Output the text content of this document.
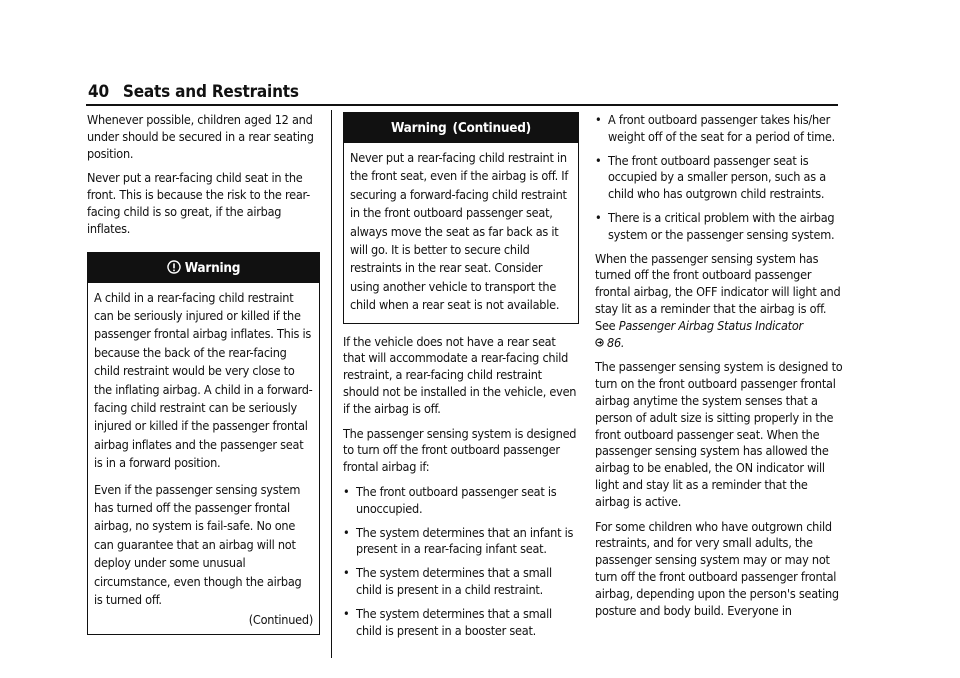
40 Seats and Restraints

Whenever possible, children aged 12 and under should be secured in a rear seating position.

Never put a rear-facing child seat in the front. This is because the risk to the rear-facing child is so great, if the airbag inflates.

Warning

A child in a rear-facing child restraint can be seriously injured or killed if the passenger frontal airbag inflates. This is because the back of the rear-facing child restraint would be very close to the inflating airbag. A child in a forward-facing child restraint can be seriously injured or killed if the passenger frontal airbag inflates and the passenger seat is in a forward position.

Even if the passenger sensing system has turned off the passenger frontal airbag, no system is fail-safe. No one can guarantee that an airbag will not deploy under some unusual circumstance, even though the airbag is turned off.

(Continued)
Warning (Continued)

Never put a rear-facing child restraint in the front seat, even if the airbag is off. If securing a forward-facing child restraint in the front outboard passenger seat, always move the seat as far back as it will go. It is better to secure child restraints in the rear seat. Consider using another vehicle to transport the child when a rear seat is not available.

If the vehicle does not have a rear seat that will accommodate a rear-facing child restraint, a rear-facing child restraint should not be installed in the vehicle, even if the airbag is off.

The passenger sensing system is designed to turn off the front outboard passenger frontal airbag if:

• The front outboard passenger seat is unoccupied.
• The system determines that an infant is present in a rear-facing infant seat.
• The system determines that a small child is present in a child restraint.
• The system determines that a small child is present in a booster seat.
• A front outboard passenger takes his/her weight off of the seat for a period of time.
• The front outboard passenger seat is occupied by a smaller person, such as a child who has outgrown child restraints.
• There is a critical problem with the airbag system or the passenger sensing system.

When the passenger sensing system has turned off the front outboard passenger frontal airbag, the OFF indicator will light and stay lit as a reminder that the airbag is off. See Passenger Airbag Status Indicator
86.

The passenger sensing system is designed to turn on the front outboard passenger frontal airbag anytime the system senses that a person of adult size is sitting properly in the front outboard passenger seat. When the passenger sensing system has allowed the airbag to be enabled, the ON indicator will light and stay lit as a reminder that the airbag is active.

For some children who have outgrown child restraints, and for very small adults, the passenger sensing system may or may not turn off the front outboard passenger frontal airbag, depending upon the person's seating posture and body build. Everyone in
